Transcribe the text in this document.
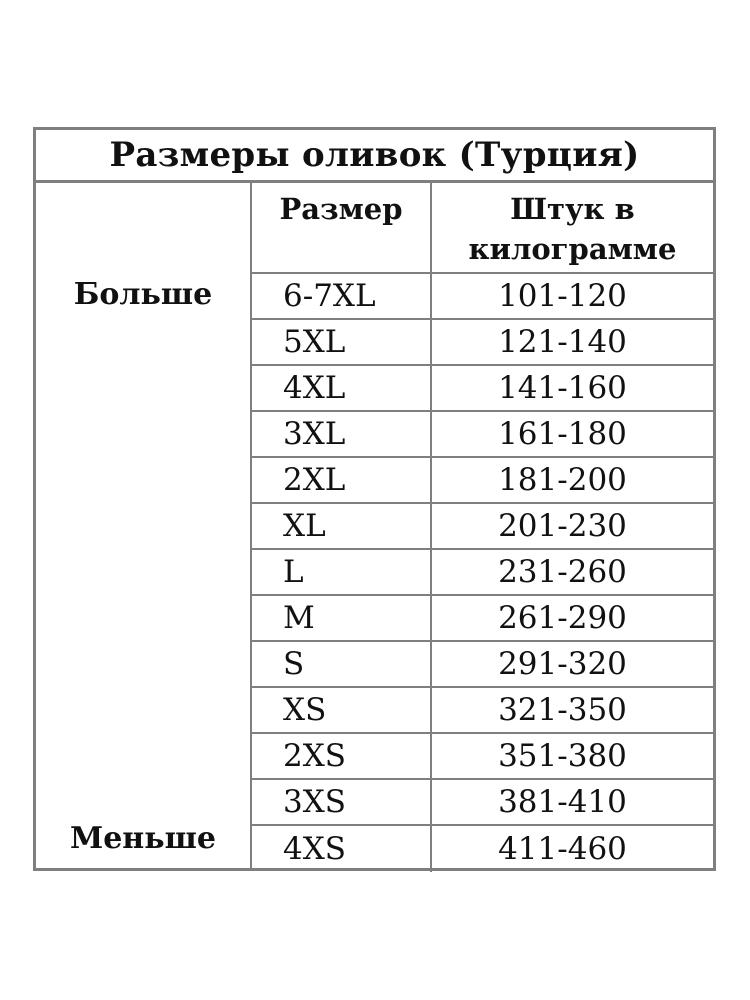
Размеры оливок (Турция)
Больше
Меньше
Размер	Штук в
килограмме
6-7XL	101-120
5XL	121-140
4XL	141-160
3XL	161-180
2XL	181-200
XL	201-230
L	231-260
M	261-290
S	291-320
XS	321-350
2XS	351-380
3XS	381-410
4XS	411-460
